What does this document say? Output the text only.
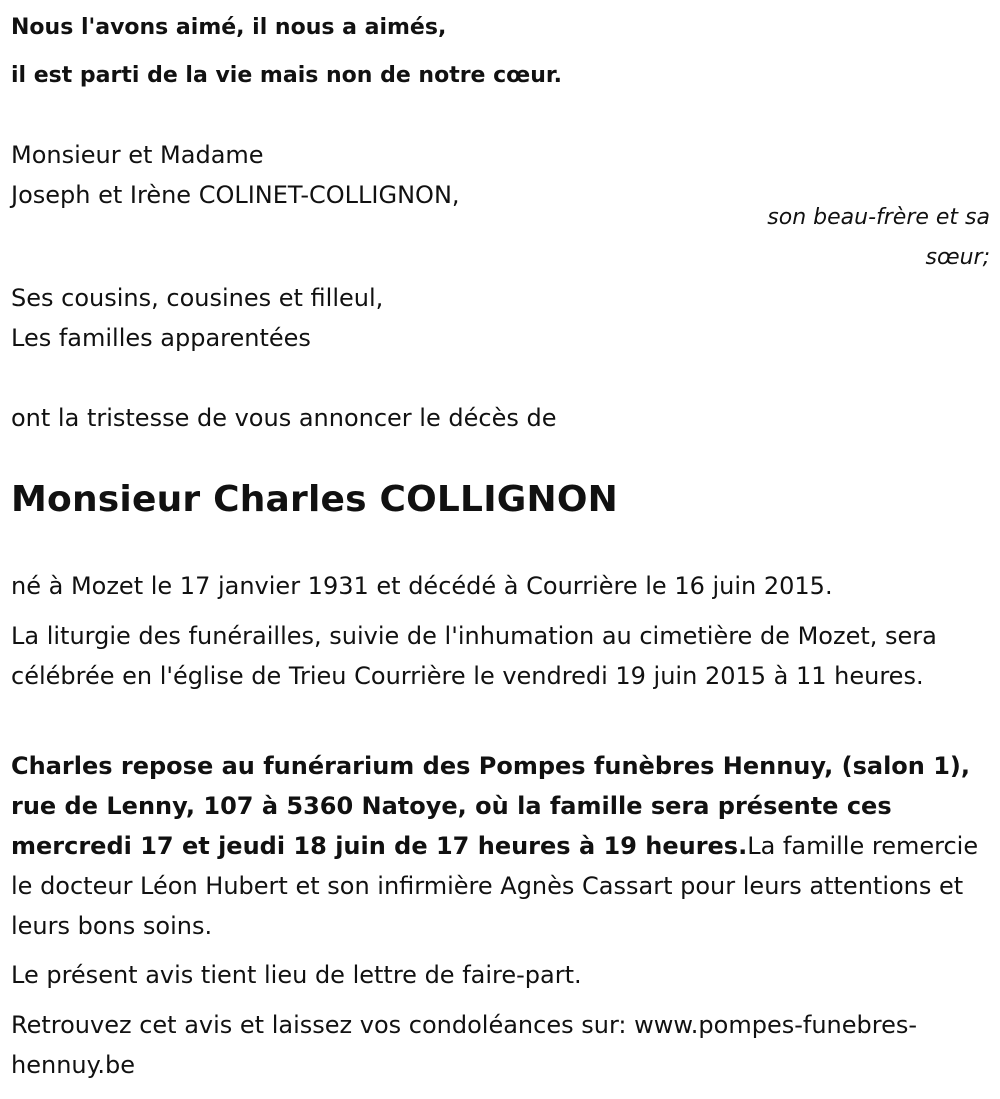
Nous l'avons aimé, il nous a aimés,

il est parti de la vie mais non de notre cœur.

Monsieur et Madame

Joseph et Irène COLINET-COLLIGNON,

son beau-frère et sa

sœur;

Ses cousins, cousines et filleul,

Les familles apparentées

ont la tristesse de vous annoncer le décès de

Monsieur Charles COLLIGNON

né à Mozet le 17 janvier 1931 et décédé à Courrière le 16 juin 2015.

La liturgie des funérailles, suivie de l'inhumation au cimetière de Mozet, sera célébrée en l'église de Trieu Courrière le vendredi 19 juin 2015 à 11 heures.

Charles repose au funérarium des Pompes funèbres Hennuy, (salon 1), rue de Lenny, 107 à 5360 Natoye, où la famille sera présente ces mercredi 17 et jeudi 18 juin de 17 heures à 19 heures.La famille remercie le docteur Léon Hubert et son infirmière Agnès Cassart pour leurs attentions et leurs bons soins.

Le présent avis tient lieu de lettre de faire-part.

Retrouvez cet avis et laissez vos condoléances sur: www.pompes-funebres-hennuy.be
